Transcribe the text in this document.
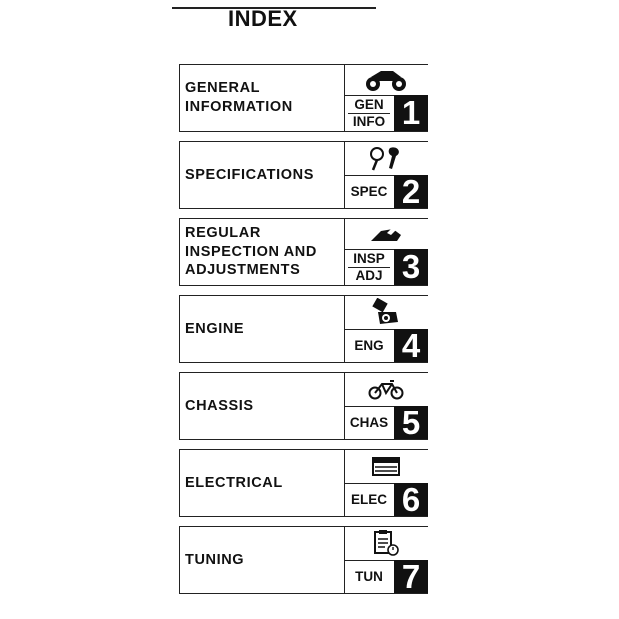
INDEX
GENERAL
INFORMATION	GEN
INFO 1
SPECIFICATIONS
SPEC 2
REGULAR
INSPECTION AND
ADJUSTMENTS
INSP
ADJ 3
ENGINE
ENG 4
CHASSIS
CHAS 5
ELECTRICAL
ELEC 6
TUNING
TUN 7
